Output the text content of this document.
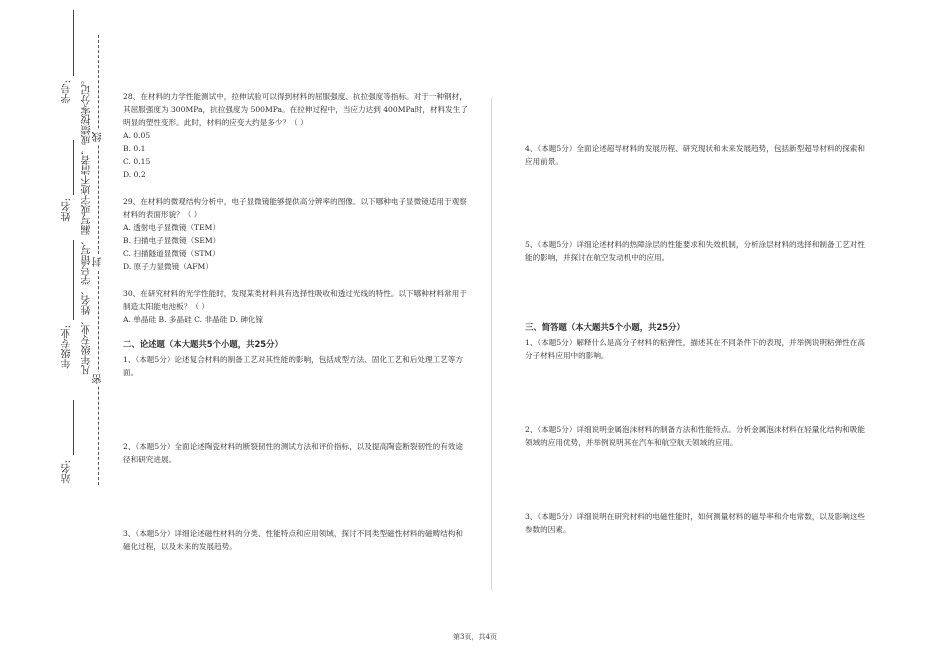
学号:
姓名:
年级专业:
站名:
凡年级专业、姓名、学号错写、漏写或字迹不清者，成绩按零分记。 线
封
密

28、在材料的力学性能测试中，拉伸试验可以得到材料的屈服强度、抗拉强度等指标。对于一种钢材，其屈服强度为 300MPa，抗拉强度为 500MPa。在拉伸过程中，当应力达到 400MPa时，材料发生了明显的塑性变形。此时，材料的应变大约是多少？（ ）

A. 0.05

B. 0.1

C. 0.15

D. 0.2

29、在材料的微观结构分析中，电子显微镜能够提供高分辨率的图像。以下哪种电子显微镜适用于观察材料的表面形貌？（ ）

A. 透射电子显微镜（TEM）

B. 扫描电子显微镜（SEM）

C. 扫描隧道显微镜（STM）

D. 原子力显微镜（AFM）

30、在研究材料的光学性能时，发现某类材料具有选择性吸收和透过光线的特性。以下哪种材料常用于制造太阳能电池板？（ ）

A. 单晶硅 B. 多晶硅 C. 非晶硅 D. 砷化镓

二、论述题（本大题共5个小题，共25分）

1、（本题5分）论述复合材料的制备工艺对其性能的影响，包括成型方法、固化工艺和后处理工艺等方面。

2、（本题5分）全面论述陶瓷材料的断裂韧性的测试方法和评价指标，以及提高陶瓷断裂韧性的有效途径和研究进展。

3、（本题5分）详细论述磁性材料的分类、性能特点和应用领域，探讨不同类型磁性材料的磁畴结构和磁化过程，以及未来的发展趋势。

4、（本题5分）全面论述超导材料的发展历程、研究现状和未来发展趋势，包括新型超导材料的探索和应用前景。

5、（本题5分）详细论述材料的热障涂层的性能要求和失效机制，分析涂层材料的选择和制备工艺对性能的影响，并探讨在航空发动机中的应用。

三、简答题（本大题共5个小题，共25分）

1、（本题5分）解释什么是高分子材料的粘弹性，描述其在不同条件下的表现，并举例说明粘弹性在高分子材料应用中的影响。

2、（本题5分）详细说明金属泡沫材料的制备方法和性能特点。分析金属泡沫材料在轻量化结构和吸能领域的应用优势，并举例说明其在汽车和航空航天领域的应用。

3、（本题5分）详细说明在研究材料的电磁性能时，如何测量材料的磁导率和介电常数，以及影响这些参数的因素。

第3页，共4页
